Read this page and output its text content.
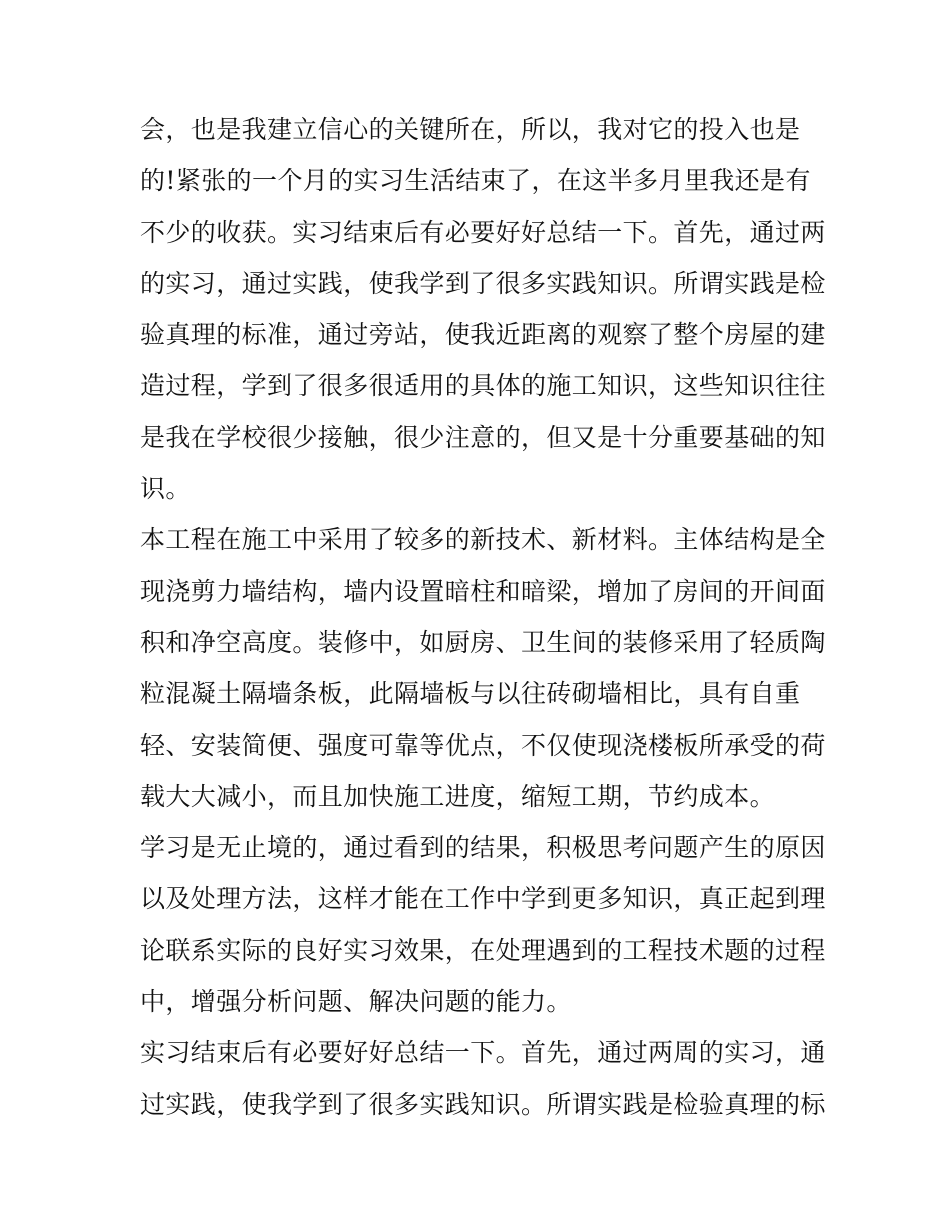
会，也是我建立信心的关键所在，所以，我对它的投入也是
的!紧张的一个月的实习生活结束了，在这半多月里我还是有
不少的收获。实习结束后有必要好好总结一下。首先，通过两
的实习，通过实践，使我学到了很多实践知识。所谓实践是检
验真理的标准，通过旁站，使我近距离的观察了整个房屋的建
造过程，学到了很多很适用的具体的施工知识，这些知识往往
是我在学校很少接触，很少注意的，但又是十分重要基础的知
识。
本工程在施工中采用了较多的新技术、新材料。主体结构是全
现浇剪力墙结构，墙内设置暗柱和暗梁，增加了房间的开间面
积和净空高度。装修中，如厨房、卫生间的装修采用了轻质陶
粒混凝土隔墙条板，此隔墙板与以往砖砌墙相比，具有自重
轻、安装简便、强度可靠等优点，不仅使现浇楼板所承受的荷
载大大减小，而且加快施工进度，缩短工期，节约成本。
学习是无止境的，通过看到的结果，积极思考问题产生的原因
以及处理方法，这样才能在工作中学到更多知识，真正起到理
论联系实际的良好实习效果，在处理遇到的工程技术题的过程
中，增强分析问题、解决问题的能力。
实习结束后有必要好好总结一下。首先，通过两周的实习，通
过实践，使我学到了很多实践知识。所谓实践是检验真理的标
